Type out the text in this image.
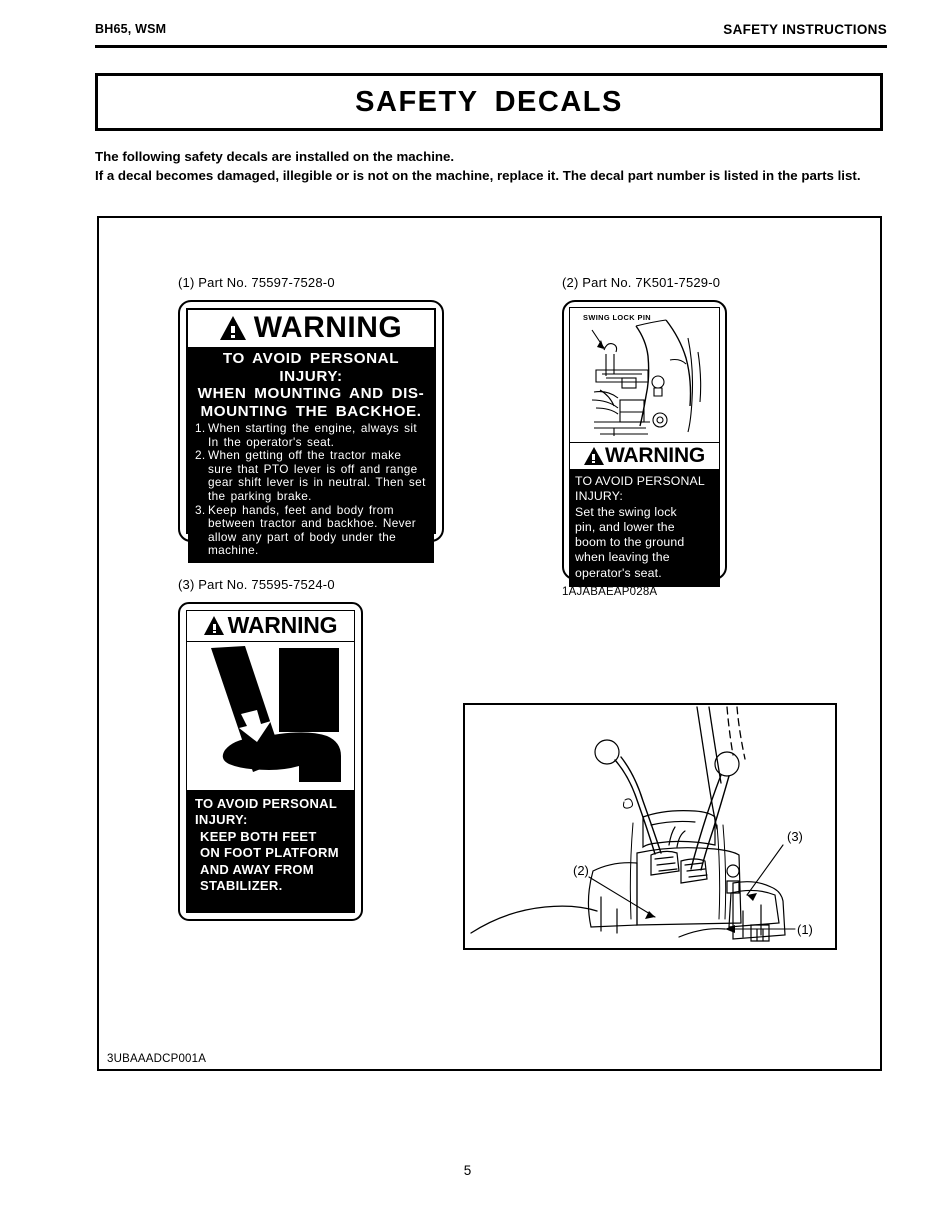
BH65, WSM	SAFETY INSTRUCTIONS
SAFETY DECALS
The following safety decals are installed on the machine.
If a decal becomes damaged, illegible or is not on the machine, replace it. The decal part number is listed in the parts list.
(1) Part No. 75597-7528-0
WARNING
TO AVOID PERSONAL INJURY:
WHEN MOUNTING AND DIS-
MOUNTING THE BACKHOE.
1. When starting the engine, always sit In the operator's seat.
2. When getting off the tractor make sure that PTO lever is off and range gear shift lever is in neutral. Then set the parking brake.
3. Keep hands, feet and body from between tractor and backhoe. Never allow any part of body under the machine.
(2) Part No. 7K501-7529-0
SWING LOCK PIN
WARNING
TO AVOID PERSONAL
INJURY:
Set the swing lock
pin, and lower the
boom to the ground
when leaving the
operator's seat.
1AJABAEAP028A
(3) Part No. 75595-7524-0
WARNING
TO AVOID PERSONAL
INJURY:
KEEP BOTH FEET
ON FOOT PLATFORM
AND AWAY FROM
STABILIZER.
(3)
(1)
(2)
3UBAAADCP001A
5
